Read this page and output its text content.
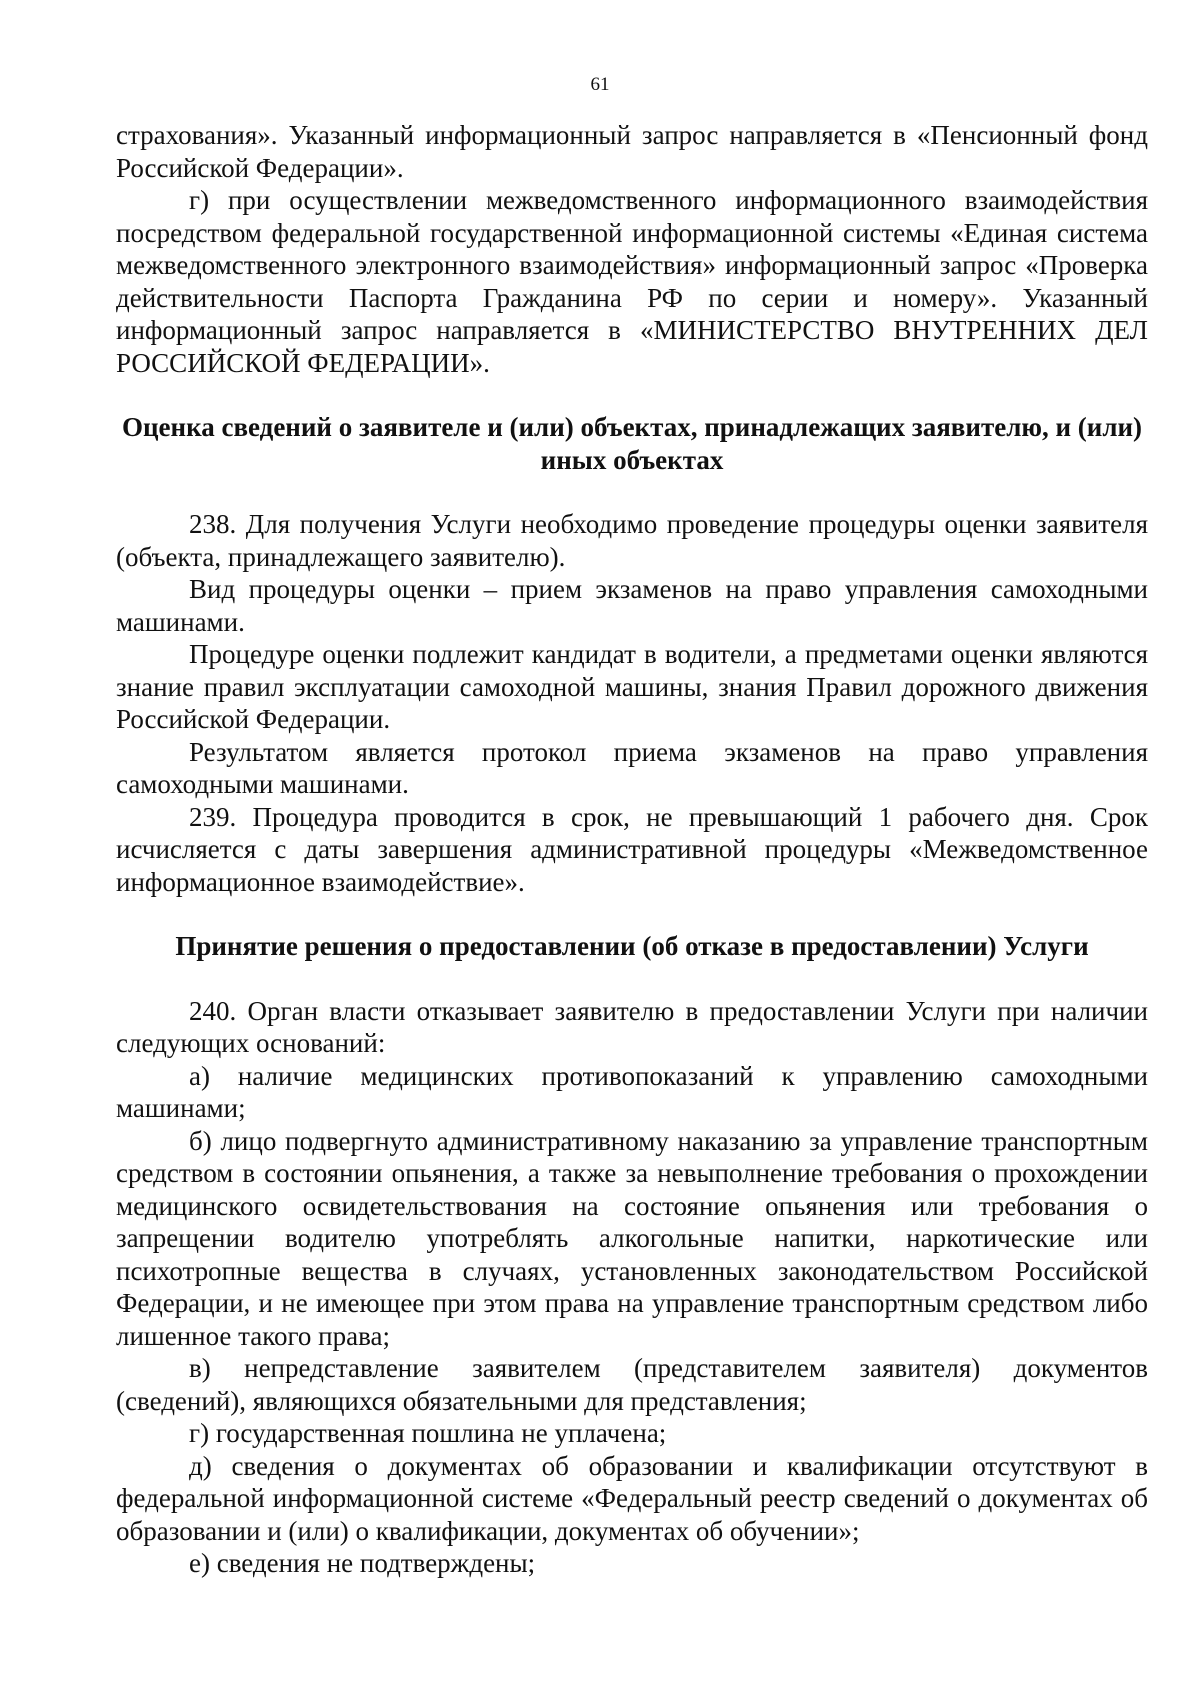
61

страхования». Указанный информационный запрос направляется в «Пенсионный фонд Российской Федерации».

г) при осуществлении межведомственного информационного взаимодействия посредством федеральной государственной информационной системы «Единая система межведомственного электронного взаимодействия» информационный запрос «Проверка действительности Паспорта Гражданина РФ по серии и номеру». Указанный информационный запрос направляется в «МИНИСТЕРСТВО ВНУТРЕННИХ ДЕЛ РОССИЙСКОЙ ФЕДЕРАЦИИ».

Оценка сведений о заявителе и (или) объектах, принадлежащих заявителю, и (или) иных объектах

238. Для получения Услуги необходимо проведение процедуры оценки заявителя (объекта, принадлежащего заявителю).

Вид процедуры оценки – прием экзаменов на право управления самоходными машинами.

Процедуре оценки подлежит кандидат в водители, а предметами оценки являются знание правил эксплуатации самоходной машины, знания Правил дорожного движения Российской Федерации.

Результатом является протокол приема экзаменов на право управления самоходными машинами.

239. Процедура проводится в срок, не превышающий 1 рабочего дня. Срок исчисляется с даты завершения административной процедуры «Межведомственное информационное взаимодействие».

Принятие решения о предоставлении (об отказе в предоставлении) Услуги

240. Орган власти отказывает заявителю в предоставлении Услуги при наличии следующих оснований:

а) наличие медицинских противопоказаний к управлению самоходными машинами;

б) лицо подвергнуто административному наказанию за управление транспортным средством в состоянии опьянения, а также за невыполнение требования о прохождении медицинского освидетельствования на состояние опьянения или требования о запрещении водителю употреблять алкогольные напитки, наркотические или психотропные вещества в случаях, установленных законодательством Российской Федерации, и не имеющее при этом права на управление транспортным средством либо лишенное такого права;

в) непредставление заявителем (представителем заявителя) документов (сведений), являющихся обязательными для представления;

г) государственная пошлина не уплачена;

д) сведения о документах об образовании и квалификации отсутствуют в федеральной информационной системе «Федеральный реестр сведений о документах об образовании и (или) о квалификации, документах об обучении»;

е) сведения не подтверждены;
